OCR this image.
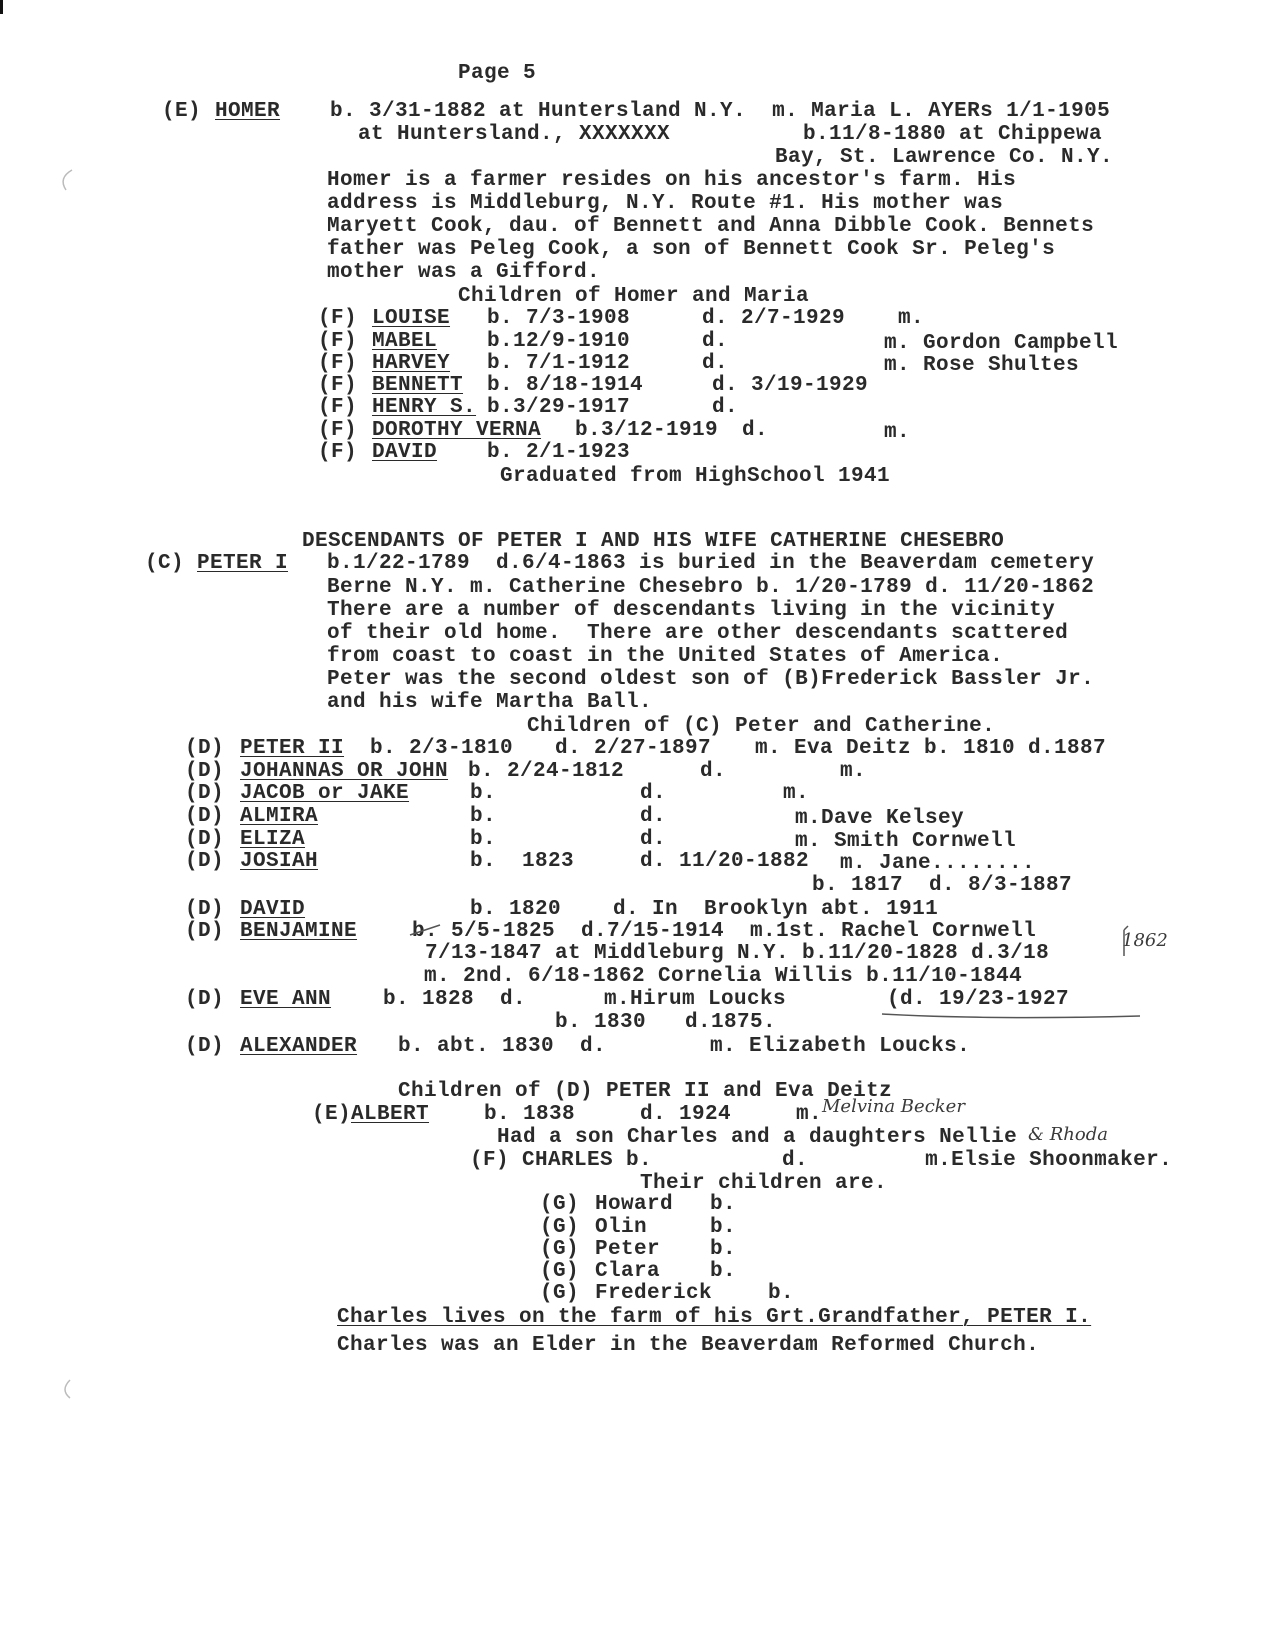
Page 5
(E) HOMER b. 3/31-1882 at Huntersland N.Y.  m. Maria L. AYERs 1/1-1905
at Huntersland., XXXXXXX	b.11/8-1880 at Chippewa
Bay, St. Lawrence Co. N.Y.
Homer is a farmer resides on his ancestor's farm. His
address is Middleburg, N.Y. Route #1. His mother was
Maryett Cook, dau. of Bennett and Anna Dibble Cook. Bennets
father was Peleg Cook, a son of Bennett Cook Sr. Peleg's
mother was a Gifford.
Children of Homer and Maria
(F) LOUISE b. 7/3-1908	d. 2/7-1929	m.
(F) MABEL b.12/9-1910	d.	m. Gordon Campbell
(F) HARVEY b. 7/1-1912	d.	m. Rose Shultes
(F) BENNETT b. 8/18-1914	d. 3/19-1929
(F) HENRY S. b.3/29-1917	d.
(F) DOROTHY VERNA b.3/12-1919 d.	m.
(F) DAVID b. 2/1-1923
Graduated from HighSchool 1941
DESCENDANTS OF PETER I AND HIS WIFE CATHERINE CHESEBRO
(C) PETER I b.1/22-1789  d.6/4-1863 is buried in the Beaverdam cemetery
Berne N.Y. m. Catherine Chesebro b. 1/20-1789 d. 11/20-1862
There are a number of descendants living in the vicinity
of their old home.  There are other descendants scattered
from coast to coast in the United States of America.
Peter was the second oldest son of (B)Frederick Bassler Jr.
and his wife Martha Ball.
Children of (C) Peter and Catherine.
(D) PETER II b. 2/3-1810 d. 2/27-1897 m. Eva Deitz b. 1810 d.1887
(D) JOHANNAS OR JOHN b. 2/24-1812	d.	m.
(D) JACOB or JAKE	b.	d.	m.
(D) ALMIRA	b.	d.	m.Dave Kelsey
(D) ELIZA	b.	d.	m. Smith Cornwell
(D) JOSIAH	b.  1823	d. 11/20-1882 m. Jane........
b. 1817  d. 8/3-1887
(D) DAVID	b. 1820    d. In  Brooklyn abt. 1911
(D) BENJAMINE	b. 5/5-1825  d.7/15-1914  m.1st. Rachel Cornwell	1862
7/13-1847 at Middleburg N.Y. b.11/20-1828 d.3/18
m. 2nd. 6/18-1862 Cornelia Willis b.11/10-1844
(D) EVE ANN b. 1828  d.      m.Hirum Loucks	(d. 19/23-1927
b. 1830   d.1875.
(D) ALEXANDER b. abt. 1830  d.        m. Elizabeth Loucks.
Children of (D) PETER II and Eva Deitz
(E) ALBERT	b. 1838     d. 1924     m. Melvina Becker
Had a son Charles and a daughters Nellie & Rhoda
(F) CHARLES b.          d.         m.Elsie Shoonmaker.
Their children are.
(G) Howard b.
(G) Olin	b.
(G) Peter b.
(G) Clara b.
(G) Frederick	b.
Charles lives on the farm of his Grt.Grandfather, PETER I.
Charles was an Elder in the Beaverdam Reformed Church.
